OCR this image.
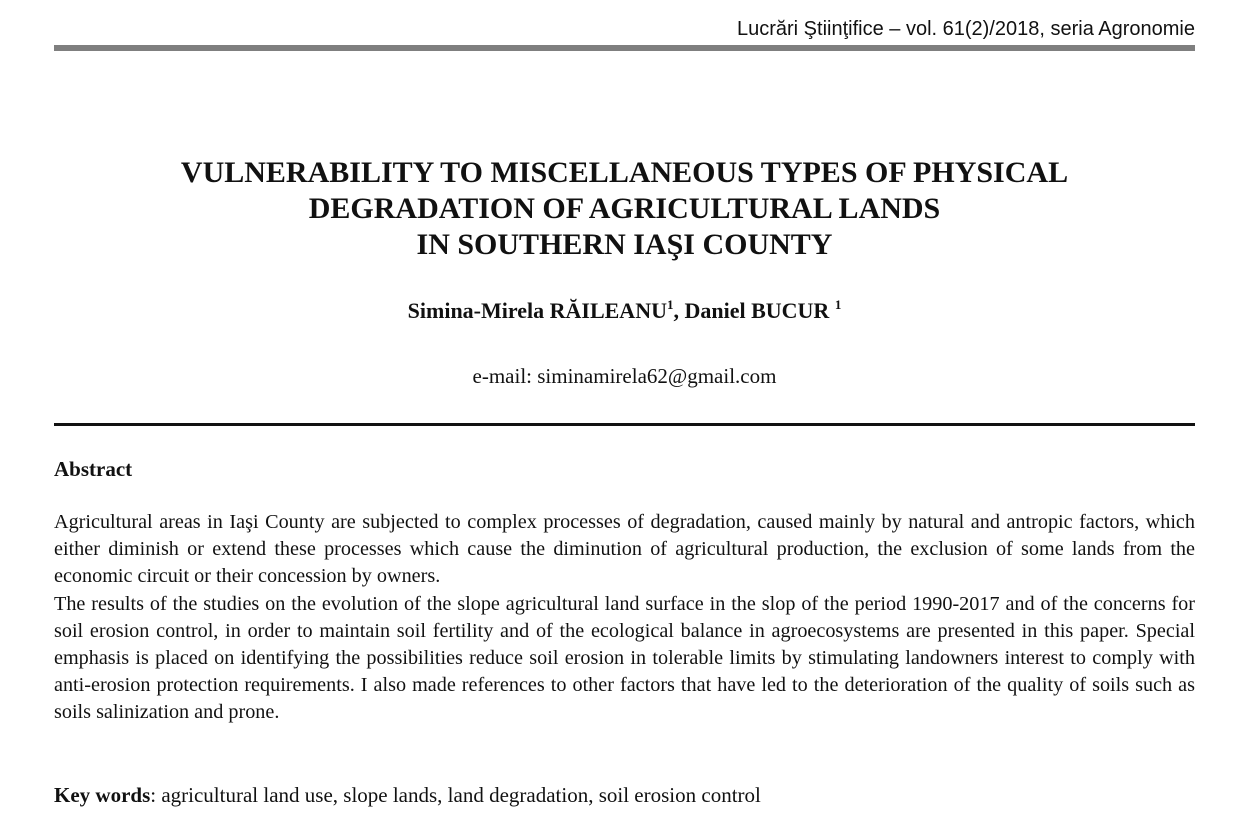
Lucrări Ştiinţifice – vol. 61(2)/2018, seria Agronomie
VULNERABILITY TO MISCELLANEOUS TYPES OF PHYSICAL
DEGRADATION OF AGRICULTURAL LANDS
IN SOUTHERN IAŞI COUNTY
Simina-Mirela RĂILEANU$^1$, Daniel BUCUR $^1$
e-mail: siminamirela62@gmail.com
Abstract

Agricultural areas in Iaşi County are subjected to complex processes of degradation, caused mainly by natural and antropic factors, which either diminish or extend these processes which cause the diminution of agricultural production, the exclusion of some lands from the economic circuit or their concession by owners.

The results of the studies on the evolution of the slope agricultural land surface in the slop of the period 1990-2017 and of the concerns for soil erosion control, in order to maintain soil fertility and of the ecological balance in agroecosystems are presented in this paper. Special emphasis is placed on identifying the possibilities reduce soil erosion in tolerable limits by stimulating landowners interest to comply with anti-erosion protection requirements. I also made references to other factors that have led to the deterioration of the quality of soils such as soils salinization and prone.

Key words: agricultural land use, slope lands, land degradation, soil erosion control
